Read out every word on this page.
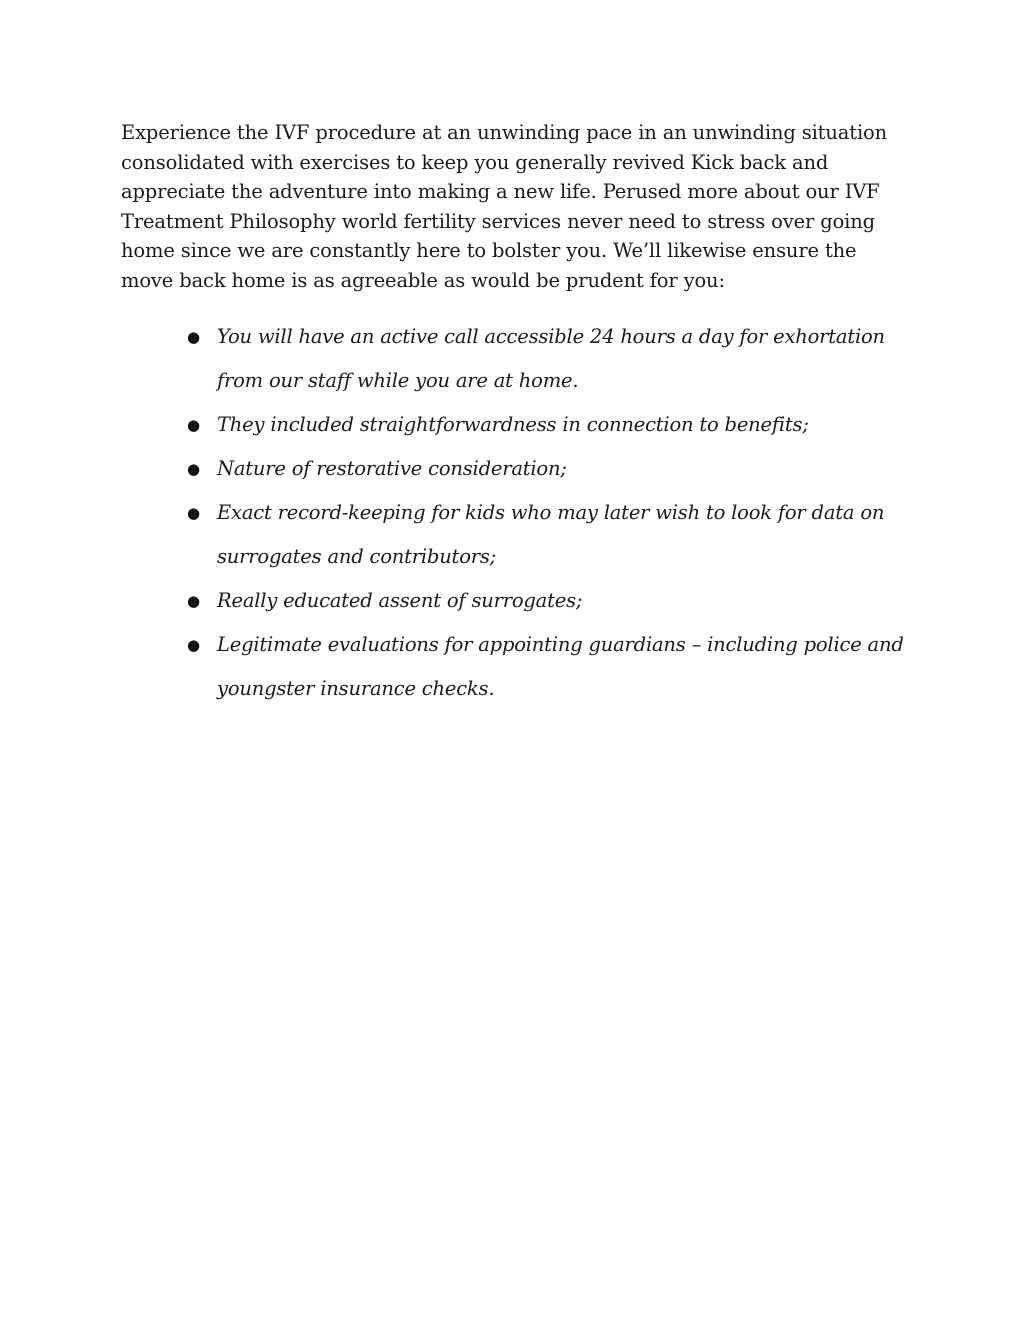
Experience the IVF procedure at an unwinding pace in an unwinding situation consolidated with exercises to keep you generally revived Kick back and appreciate the adventure into making a new life. Perused more about our IVF Treatment Philosophy world fertility services never need to stress over going home since we are constantly here to bolster you. We’ll likewise ensure the move back home is as agreeable as would be prudent for you:

● You will have an active call accessible 24 hours a day for exhortation from our staff while you are at home.
● They included straightforwardness in connection to benefits;
● Nature of restorative consideration;
● Exact record-keeping for kids who may later wish to look for data on surrogates and contributors;
● Really educated assent of surrogates;
● Legitimate evaluations for appointing guardians – including police and youngster insurance checks.
